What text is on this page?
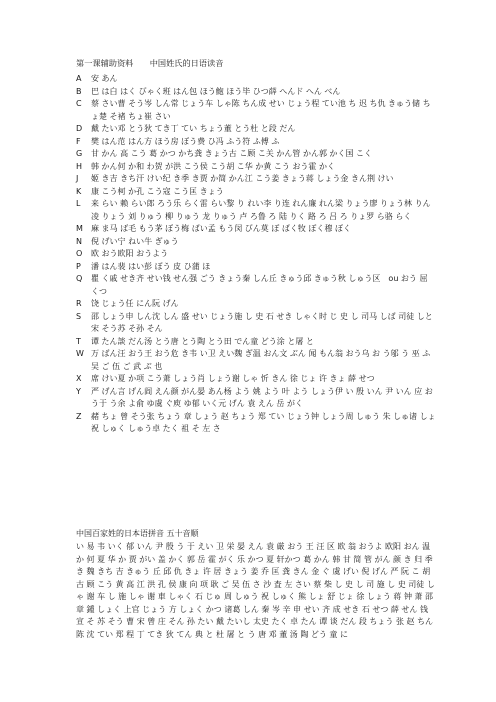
第一课辅助资料　　中国姓氏的日语读音
A	安 あん
B	巴 は白 はく びゃく班 はん包 ほう鮑 ほう毕 ひつ薛 へんド へん べん
C	蔡 さい曹 そう岑 しん常 じょう车 しゃ陈 ちん成 せい じょう程 てい池 ち 迟 ち仇 きゅう储 ちょ楚 そ褚 ちょ崔 さい
D	戴 たい邓 とう狄 てき丁 てい ちょう董 とう杜 と段 だん
F	樊 はん范 はん方 ほう房 ぼう费 ひ冯 ふう符 ふ傅 ふ
G	甘 かん 高 こう 葛 かつ かち龚 きょう古 こ顾 こ关 かん管 かん郭 かく国 こく
H	韩 かん何 か和 わ贺 が洪 こう侯 こう胡 こ华 か黄 こう おう霍 かく
J	姬 き吉 きち汗 けい纪 き季 き贾 か简 かん江 こう姜 きょう蒋 しょう金 きん荆 けい
K	康 こう柯 か孔 こう寇 こう匡 きょう
L	来 らい 赖 らい郎 ろう乐 らく雷 らい黎 り れい李 り连 れん廉 れん梁 りょう廖 りょう林 りん凌 りょう 刘 りゅう 柳 りゅう 龙 りゅう 卢 ろ鲁 ろ 陆 りく 路 ろ 吕 ろ りょ罗 ら骆 らく
M	麻 ま马 ば毛 もう茅 ぼう梅 ばい孟 もう闵 びん莫 ぼ ばく牧 ぼく穆 ぼく
N	倪 げい宁 ねい牛 ぎゅう
O	欧 おう欧阳 おうよう
P	潘 はん裴 はい彭 ぼう 皮 ひ蒲 ほ
Q	瞿 く戚 せき齐 せい钱 せん强 ごう きょう秦 しん丘 きゅう邱 きゅう秋 しゅう区　ou おう 屈　くつ
R	饶 じょう任 にん阮 げん
S	邵 しょう申 しん沈 しん 盛 せい じょう施 し 史 石 せき しゃく时 じ 史 し 司马 しば 司徒 しと 宋 そう苏 そ孙 そん
T	谭 たん談 だん汤 とう唐 とう陶 とう田 でん童 どう涂 と屠 と
W 万 ばん汪 おう王 おう危 き韦 い卫 えい魏 ぎ温 おん文 ぶん 闻 もん翁 おう乌 お う邬 う 巫 ふ 吴 ご 伍 ご 武 ぶ 也
X	席 けい夏 か项 こう萧 しょう肖 しょう谢 しゃ 忻 きん 徐 じょ 许 きょ 薛 せつ
Y	严 げん言 げん阎 えん颜 がん晏 あん杨 よう 姚 よう 叶 よう しょう伊 い 殷 いん 尹 いん 应 おう于 う余 よ俞 ゆ虞 ぐ庾 ゆ郁 いく元 げん 袁 えん 岳 がく
Z	赭 ちょ 曾 そう张 ちょう 章 しょう 赵 ちょう 郑 てい じょう钟 しょう周 しゅう 朱 しゅ诸 しょ 祝 しゅく しゅう卓 たく 祖 そ 左 さ
中国百家姓的日本语拼音 五十音顺
い 易 韦 いく 郁 いん 尹 殷 う 于 えい 卫 栄 晏 えん 袁 厳 おう 王 汪 区 欧 翁 おうよ 欧阳 おん 温 か 何 夏 华 か 贾 がい 盖 かく 郭 岳 霍 がく 乐 かつ 夏 轩かつ 葛 かん 韩 甘 简 管 がん 颜 き 归 季 き 魏 きち 吉 きゅう 丘 邱 仇 きょ 许 居 きょう 姜 乔 匡 龚 きん 金 ぐ 虞 げい 倪 げん 严 阮 こ 胡 古 顾 こう 黄 高 江 洪 孔 侯 康 向 项 耿 ご 吴 伍 さ 沙 査 左 さい 蔡 柴 し 史 し 司 施 し 史 司徒 しゃ 谢 车 し 施 しゃ 谢 車 しゃく 石 じゅ 周 しゅう 祝 しゅく 熊 しょ 舒 じょ 徐 しょう 蒋 钟 萧 邵 章 鍾 しょく 上官 じょう 方 しょく かつ 诸葛 しん 秦 岑 辛 申 せい 齐 成 せき 石 せつ 薛 せん 钱 宣 そ 苏 そう 曹 宋 曾 庄 そん 孙 たい 戴 たいし 太史 たく 卓 たん 谭 谈 だん 段 ちょう 张 赵 ちん 陈 沈 てい 郑 程 丁 てき 狄 てん 典 と 杜 屠 と う 唐 邓 董 汤 陶 どう 童 に
